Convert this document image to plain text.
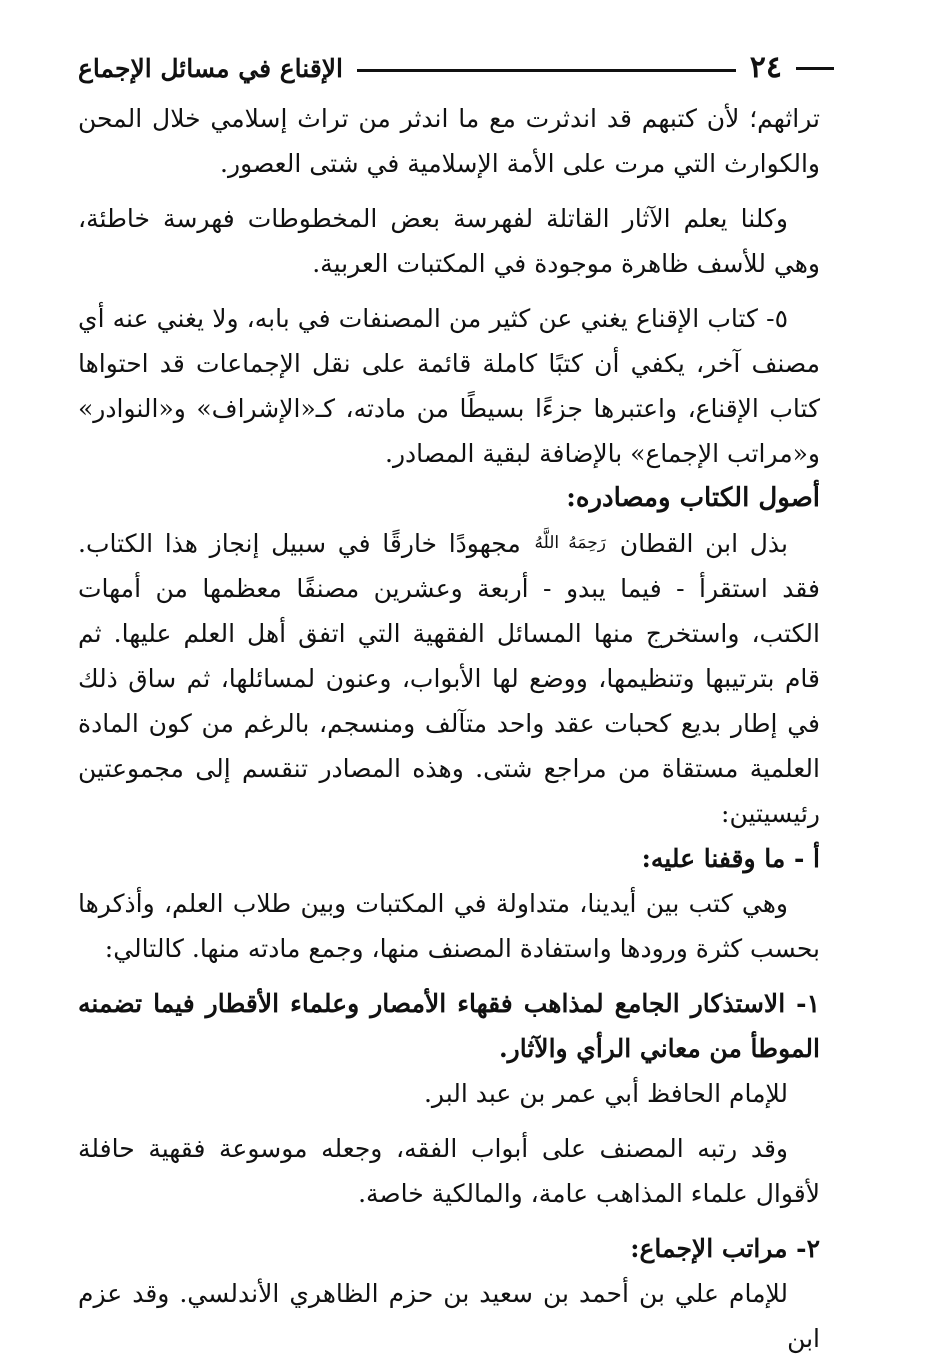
٢٤
الإقناع في مسائل الإجماع

تراثهم؛ لأن كتبهم قد اندثرت مع ما اندثر من تراث إسلامي خلال المحن والكوارث التي مرت على الأمة الإسلامية في شتى العصور.

وكلنا يعلم الآثار القاتلة لفهرسة بعض المخطوطات فهرسة خاطئة، وهي للأسف ظاهرة موجودة في المكتبات العربية.

٥- كتاب الإقناع يغني عن كثير من المصنفات في بابه، ولا يغني عنه أي مصنف آخر، يكفي أن كتبًا كاملة قائمة على نقل الإجماعات قد احتواها كتاب الإقناع، واعتبرها جزءًا بسيطًا من مادته، كـ«الإشراف» و«النوادر» و«مراتب الإجماع» بالإضافة لبقية المصادر.

أصول الكتاب ومصادره:

بذل ابن القطان رَحِمَهُ اللَّهُ مجهودًا خارقًا في سبيل إنجاز هذا الكتاب. فقد استقرأ - فيما يبدو - أربعة وعشرين مصنفًا معظمها من أمهات الكتب، واستخرج منها المسائل الفقهية التي اتفق أهل العلم عليها. ثم قام بترتيبها وتنظيمها، ووضع لها الأبواب، وعنون لمسائلها، ثم ساق ذلك في إطار بديع كحبات عقد واحد متآلف ومنسجم، بالرغم من كون المادة العلمية مستقاة من مراجع شتى. وهذه المصادر تنقسم إلى مجموعتين رئيسيتين:

أ - ما وقفنا عليه:

وهي كتب بين أيدينا، متداولة في المكتبات وبين طلاب العلم، وأذكرها بحسب كثرة ورودها واستفادة المصنف منها، وجمع مادته منها. كالتالي:

١- الاستذكار الجامع لمذاهب فقهاء الأمصار وعلماء الأقطار فيما تضمنه الموطأ من معاني الرأي والآثار.

للإمام الحافظ أبي عمر بن عبد البر.

وقد رتبه المصنف على أبواب الفقه، وجعله موسوعة فقهية حافلة لأقوال علماء المذاهب عامة، والمالكية خاصة.

٢- مراتب الإجماع:

للإمام علي بن أحمد بن سعيد بن حزم الظاهري الأندلسي. وقد عزم ابن
